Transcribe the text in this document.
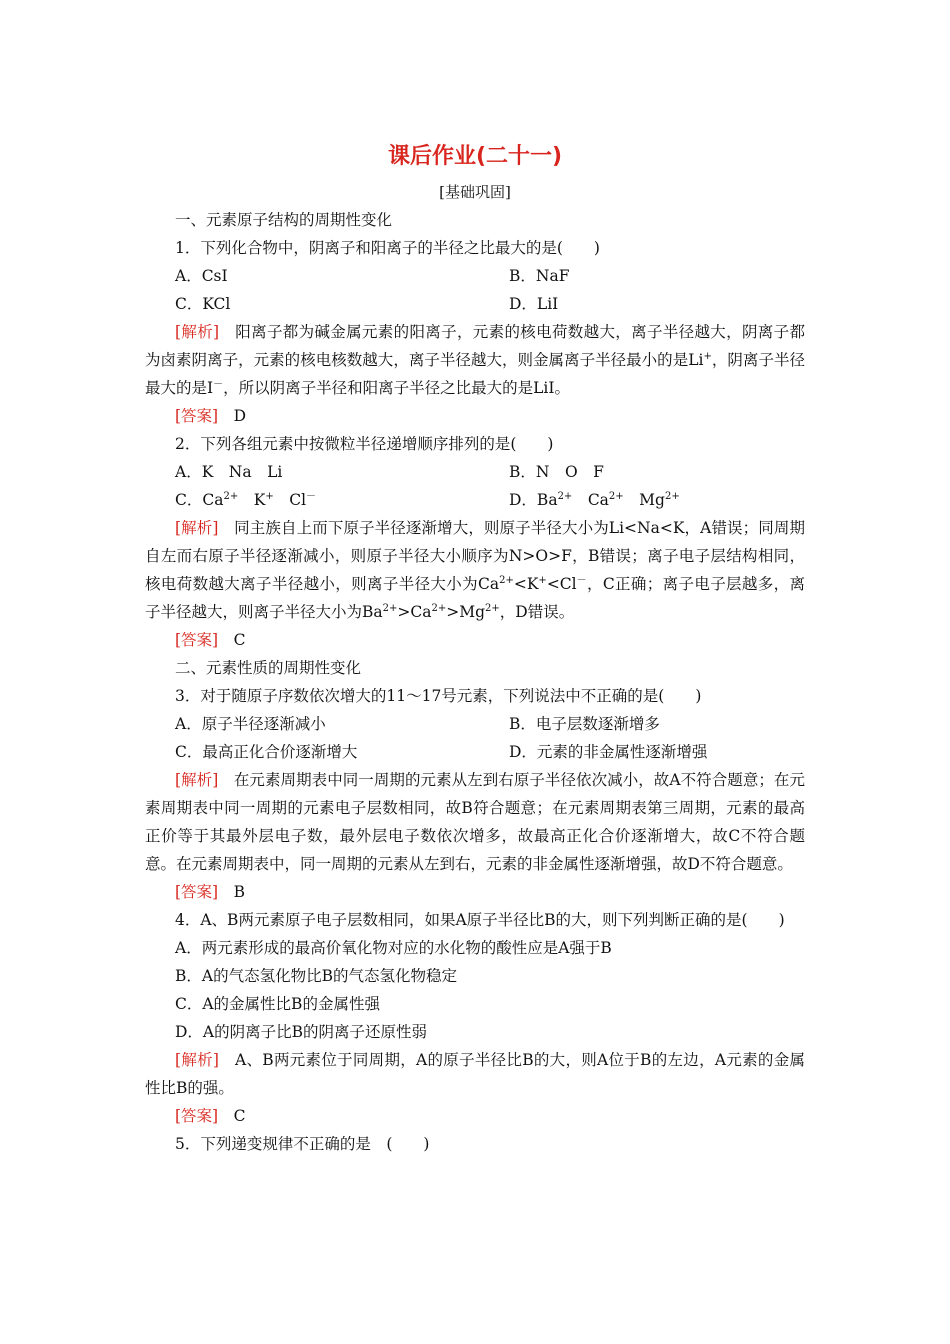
课后作业(二十一)
[基础巩固]
一、元素原子结构的周期性变化
1．下列化合物中，阴离子和阳离子的半径之比最大的是(　　)
A．CsI	B．NaF
C．KCl	D．LiI
[解析]　 阳离子都为碱金属元素的阳离子，元素的核电荷数越大，离子半径越大，阴离子都为卤素阴离子，元素的核电核数越大，离子半径越大，则金属离子半径最小的是Li+，阴离子半径最大的是I－，所以阴离子半径和阳离子半径之比最大的是LiI。
[答案]　 D
2．下列各组元素中按微粒半径递增顺序排列的是(　　)
A．K　Na　Li	B．N　O　F
C．$Ca^{2+}$　K+　Cl－	D．$Ba^{2+}$　$Ca^{2+}$　$Mg^{2+}$
[解析]　 同主族自上而下原子半径逐渐增大，则原子半径大小为Li<Na<K，A错误；同周期自左而右原子半径逐渐减小，则原子半径大小顺序为N>O>F，B错误；离子电子层结构相同，核电荷数越大离子半径越小，则离子半径大小为$Ca^{2+}<K^+<Cl^-$，C正确；离子电子层越多，离子半径越大，则离子半径大小为$Ba^{2+}>Ca^{2+}>Mg^{2+}$，D错误。
[答案]　 C
二、元素性质的周期性变化
3．对于随原子序数依次增大的11～17号元素，下列说法中不正确的是(　　)
A．原子半径逐渐减小	B．电子层数逐渐增多
C．最高正化合价逐渐增大	D．元素的非金属性逐渐增强
[解析]　 在元素周期表中同一周期的元素从左到右原子半径依次减小，故A不符合题意；在元素周期表中同一周期的元素电子层数相同，故B符合题意；在元素周期表第三周期，元素的最高正价等于其最外层电子数，最外层电子数依次增多，故最高正化合价逐渐增大，故C不符合题意。在元素周期表中，同一周期的元素从左到右，元素的非金属性逐渐增强，故D不符合题意。
[答案]　 B
4．A、B两元素原子电子层数相同，如果A原子半径比B的大，则下列判断正确的是(　　)
A．两元素形成的最高价氧化物对应的水化物的酸性应是A强于B
B．A的气态氢化物比B的气态氢化物稳定
C．A的金属性比B的金属性强
D．A的阴离子比B的阴离子还原性弱
[解析]　 A、B两元素位于同周期，A的原子半径比B的大，则A位于B的左边，A元素的金属性比B的强。
[答案]　 C
5．下列递变规律不正确的是　(　　)
